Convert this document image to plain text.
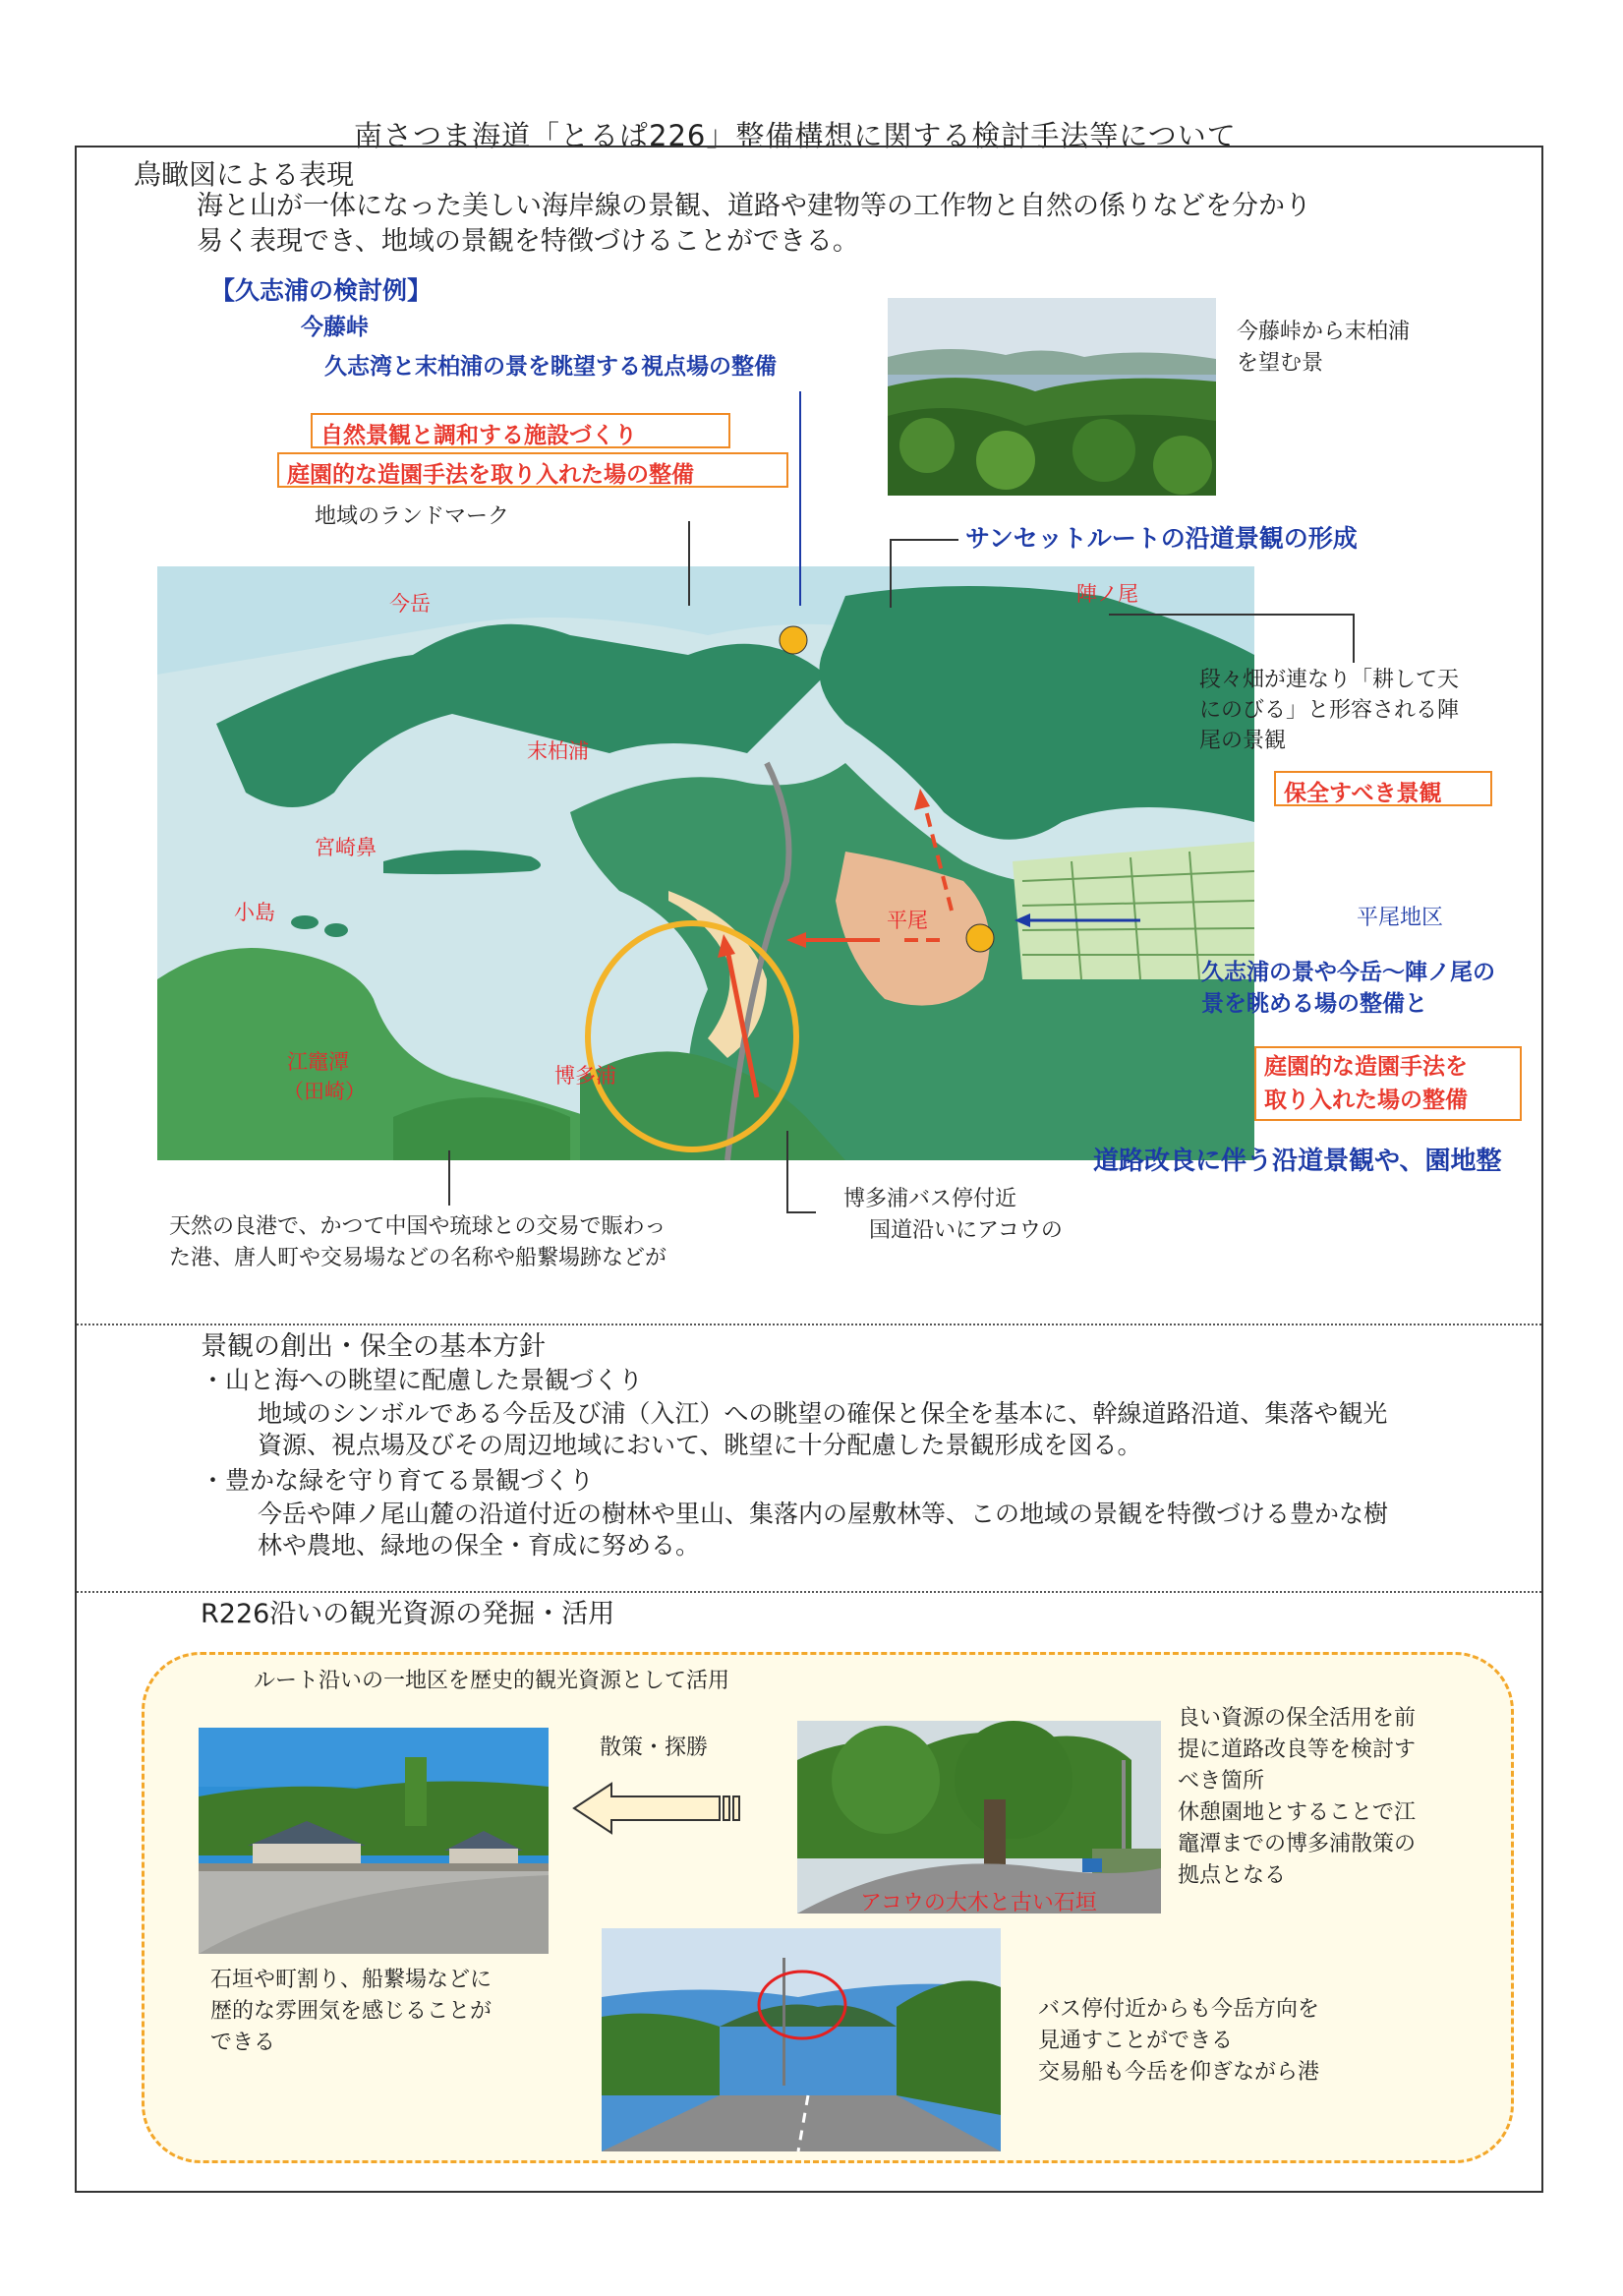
南さつま海道「とるぱ226」整備構想に関する検討手法等について
鳥瞰図による表現
海と山が一体になった美しい海岸線の景観、道路や建物等の工作物と自然の係りなどを分かり
易く表現でき、地域の景観を特徴づけることができる。
【久志浦の検討例】
今藤峠
久志湾と末柏浦の景を眺望する視点場の整備
自然景観と調和する施設づくり
庭園的な造園手法を取り入れた場の整備
地域のランドマーク
今藤峠から末柏浦
を望む景
サンセットルートの沿道景観の形成
今岳	陣ノ尾
末柏浦
宮崎鼻
小島	平尾
博多浦
江竈潭
（田崎）
段々畑が連なり「耕して天
にのびる」と形容される陣
尾の景観
保全すべき景観
平尾地区
久志浦の景や今岳～陣ノ尾の
景を眺める場の整備と
庭園的な造園手法を
取り入れた場の整備
道路改良に伴う沿道景観や、園地整
博多浦バス停付近
国道沿いにアコウの
天然の良港で、かつて中国や琉球との交易で賑わっ
た港、唐人町や交易場などの名称や船繋場跡などが
景観の創出・保全の基本方針
・山と海への眺望に配慮した景観づくり
地域のシンボルである今岳及び浦（入江）への眺望の確保と保全を基本に、幹線道路沿道、集落や観光
資源、視点場及びその周辺地域において、眺望に十分配慮した景観形成を図る。
・豊かな緑を守り育てる景観づくり
今岳や陣ノ尾山麓の沿道付近の樹林や里山、集落内の屋敷林等、この地域の景観を特徴づける豊かな樹
林や農地、緑地の保全・育成に努める。
R226沿いの観光資源の発掘・活用
ルート沿いの一地区を歴史的観光資源として活用
散策・探勝
石垣や町割り、船繋場などに
歴的な雰囲気を感じることが
できる
アコウの大木と古い石垣
良い資源の保全活用を前
提に道路改良等を検討す
べき箇所
休憩園地とすることで江
竈潭までの博多浦散策の
拠点となる
バス停付近からも今岳方向を
見通すことができる
交易船も今岳を仰ぎながら港
